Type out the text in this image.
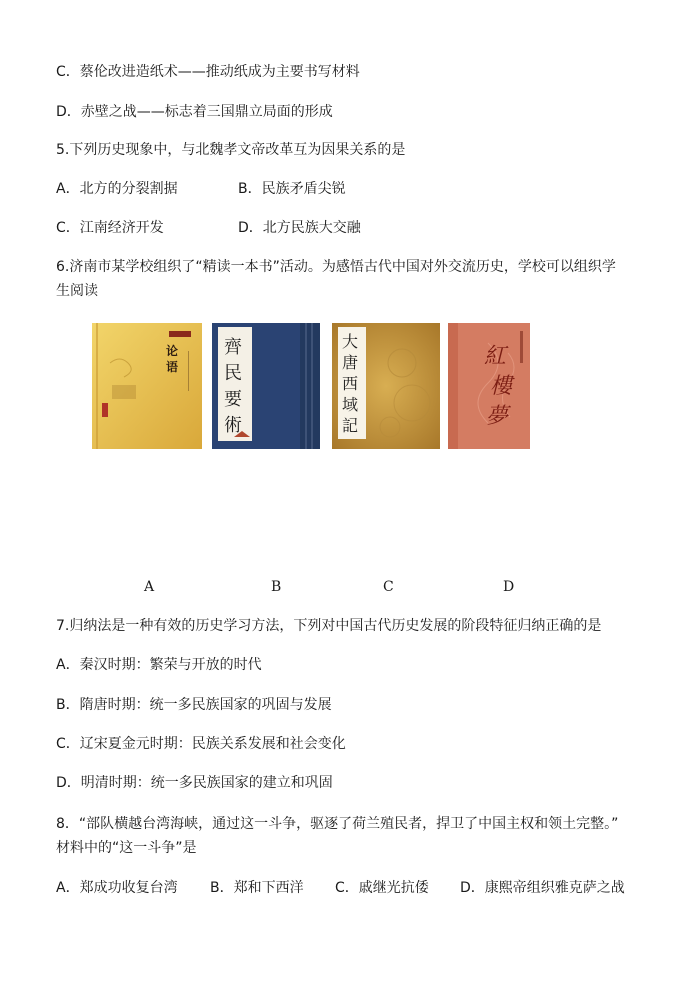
C．蔡伦改进造纸术——推动纸成为主要书写材料
D．赤壁之战——标志着三国鼎立局面的形成
5.下列历史现象中，与北魏孝文帝改革互为因果关系的是
A．北方的分裂割据	B．民族矛盾尖锐
C．江南经济开发	D．北方民族大交融
6.济南市某学校组织了“精读一本书”活动。为感悟古代中国对外交流历史，学校可以组织学
生阅读
论
语
齊
民
要
術
大
唐
西
域
記
紅
樓
夢
A	B	C	D
7.归纳法是一种有效的历史学习方法，下列对中国古代历史发展的阶段特征归纳正确的是
A．秦汉时期：繁荣与开放的时代
B．隋唐时期：统一多民族国家的巩固与发展
C．辽宋夏金元时期：民族关系发展和社会变化
D．明清时期：统一多民族国家的建立和巩固
8．“部队横越台湾海峡，通过这一斗争，驱逐了荷兰殖民者，捍卫了中国主权和领土完整。”
材料中的“这一斗争”是
A．郑成功收复台湾 B．郑和下西洋 C．戚继光抗倭 D．康熙帝组织雅克萨之战
